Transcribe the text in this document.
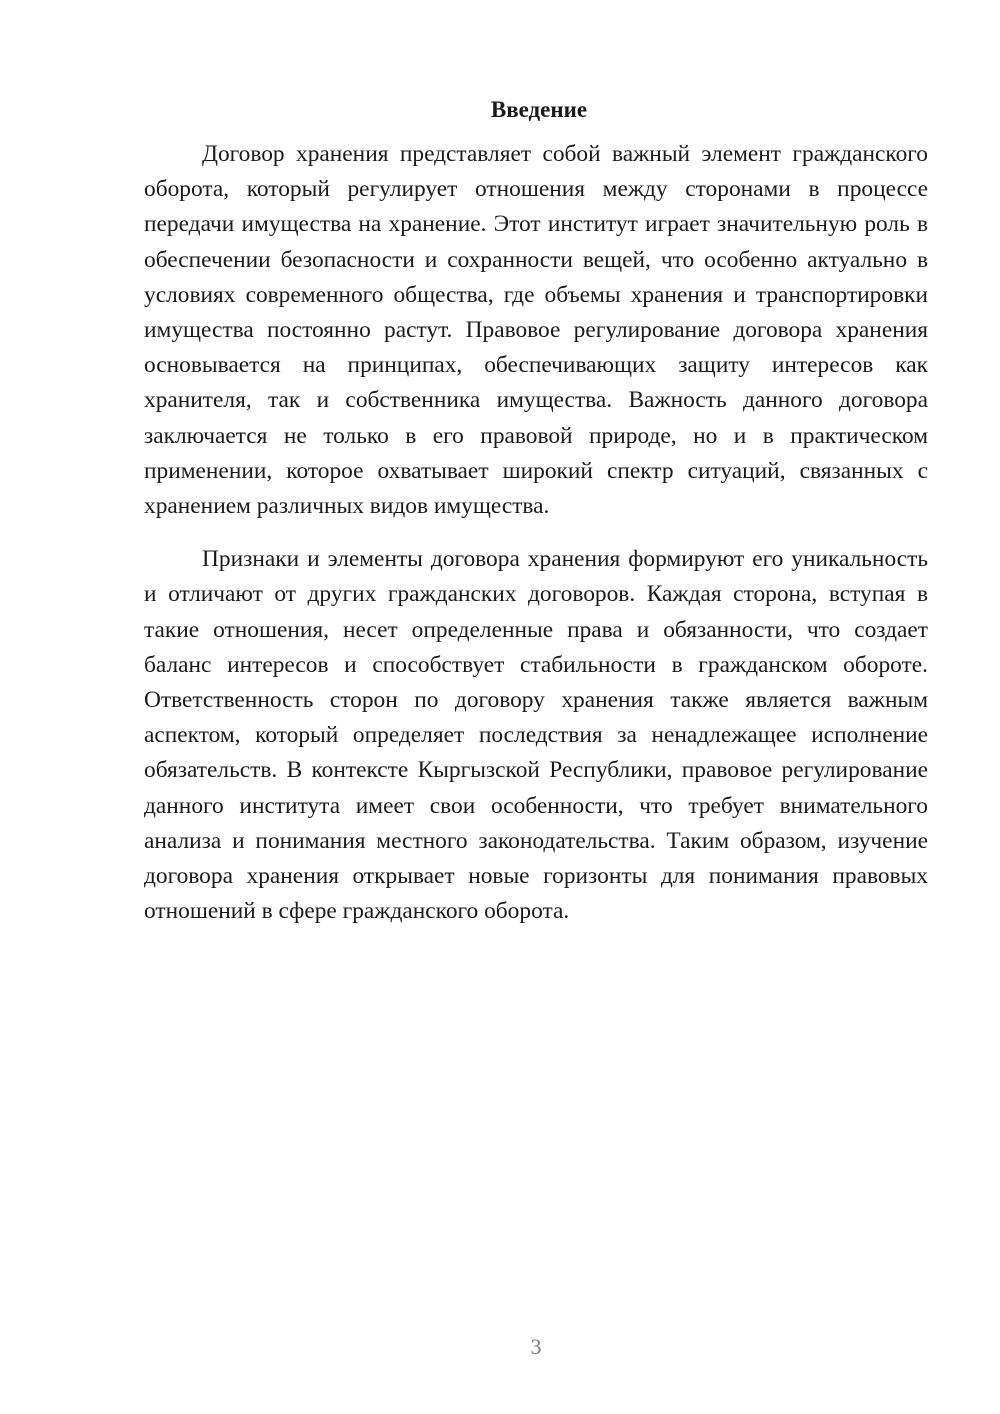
Введение

Договор хранения представляет собой важный элемент гражданского оборота, который регулирует отношения между сторонами в процессе передачи имущества на хранение. Этот институт играет значительную роль в обеспечении безопасности и сохранности вещей, что особенно актуально в условиях современного общества, где объемы хранения и транспортировки имущества постоянно растут. Правовое регулирование договора хранения основывается на принципах, обеспечивающих защиту интересов как хранителя, так и собственника имущества. Важность данного договора заключается не только в его правовой природе, но и в практическом применении, которое охватывает широкий спектр ситуаций, связанных с хранением различных видов имущества.

Признаки и элементы договора хранения формируют его уникальность и отличают от других гражданских договоров. Каждая сторона, вступая в такие отношения, несет определенные права и обязанности, что создает баланс интересов и способствует стабильности в гражданском обороте. Ответственность сторон по договору хранения также является важным аспектом, который определяет последствия за ненадлежащее исполнение обязательств. В контексте Кыргызской Республики, правовое регулирование данного института имеет свои особенности, что требует внимательного анализа и понимания местного законодательства. Таким образом, изучение договора хранения открывает новые горизонты для понимания правовых отношений в сфере гражданского оборота.

3
